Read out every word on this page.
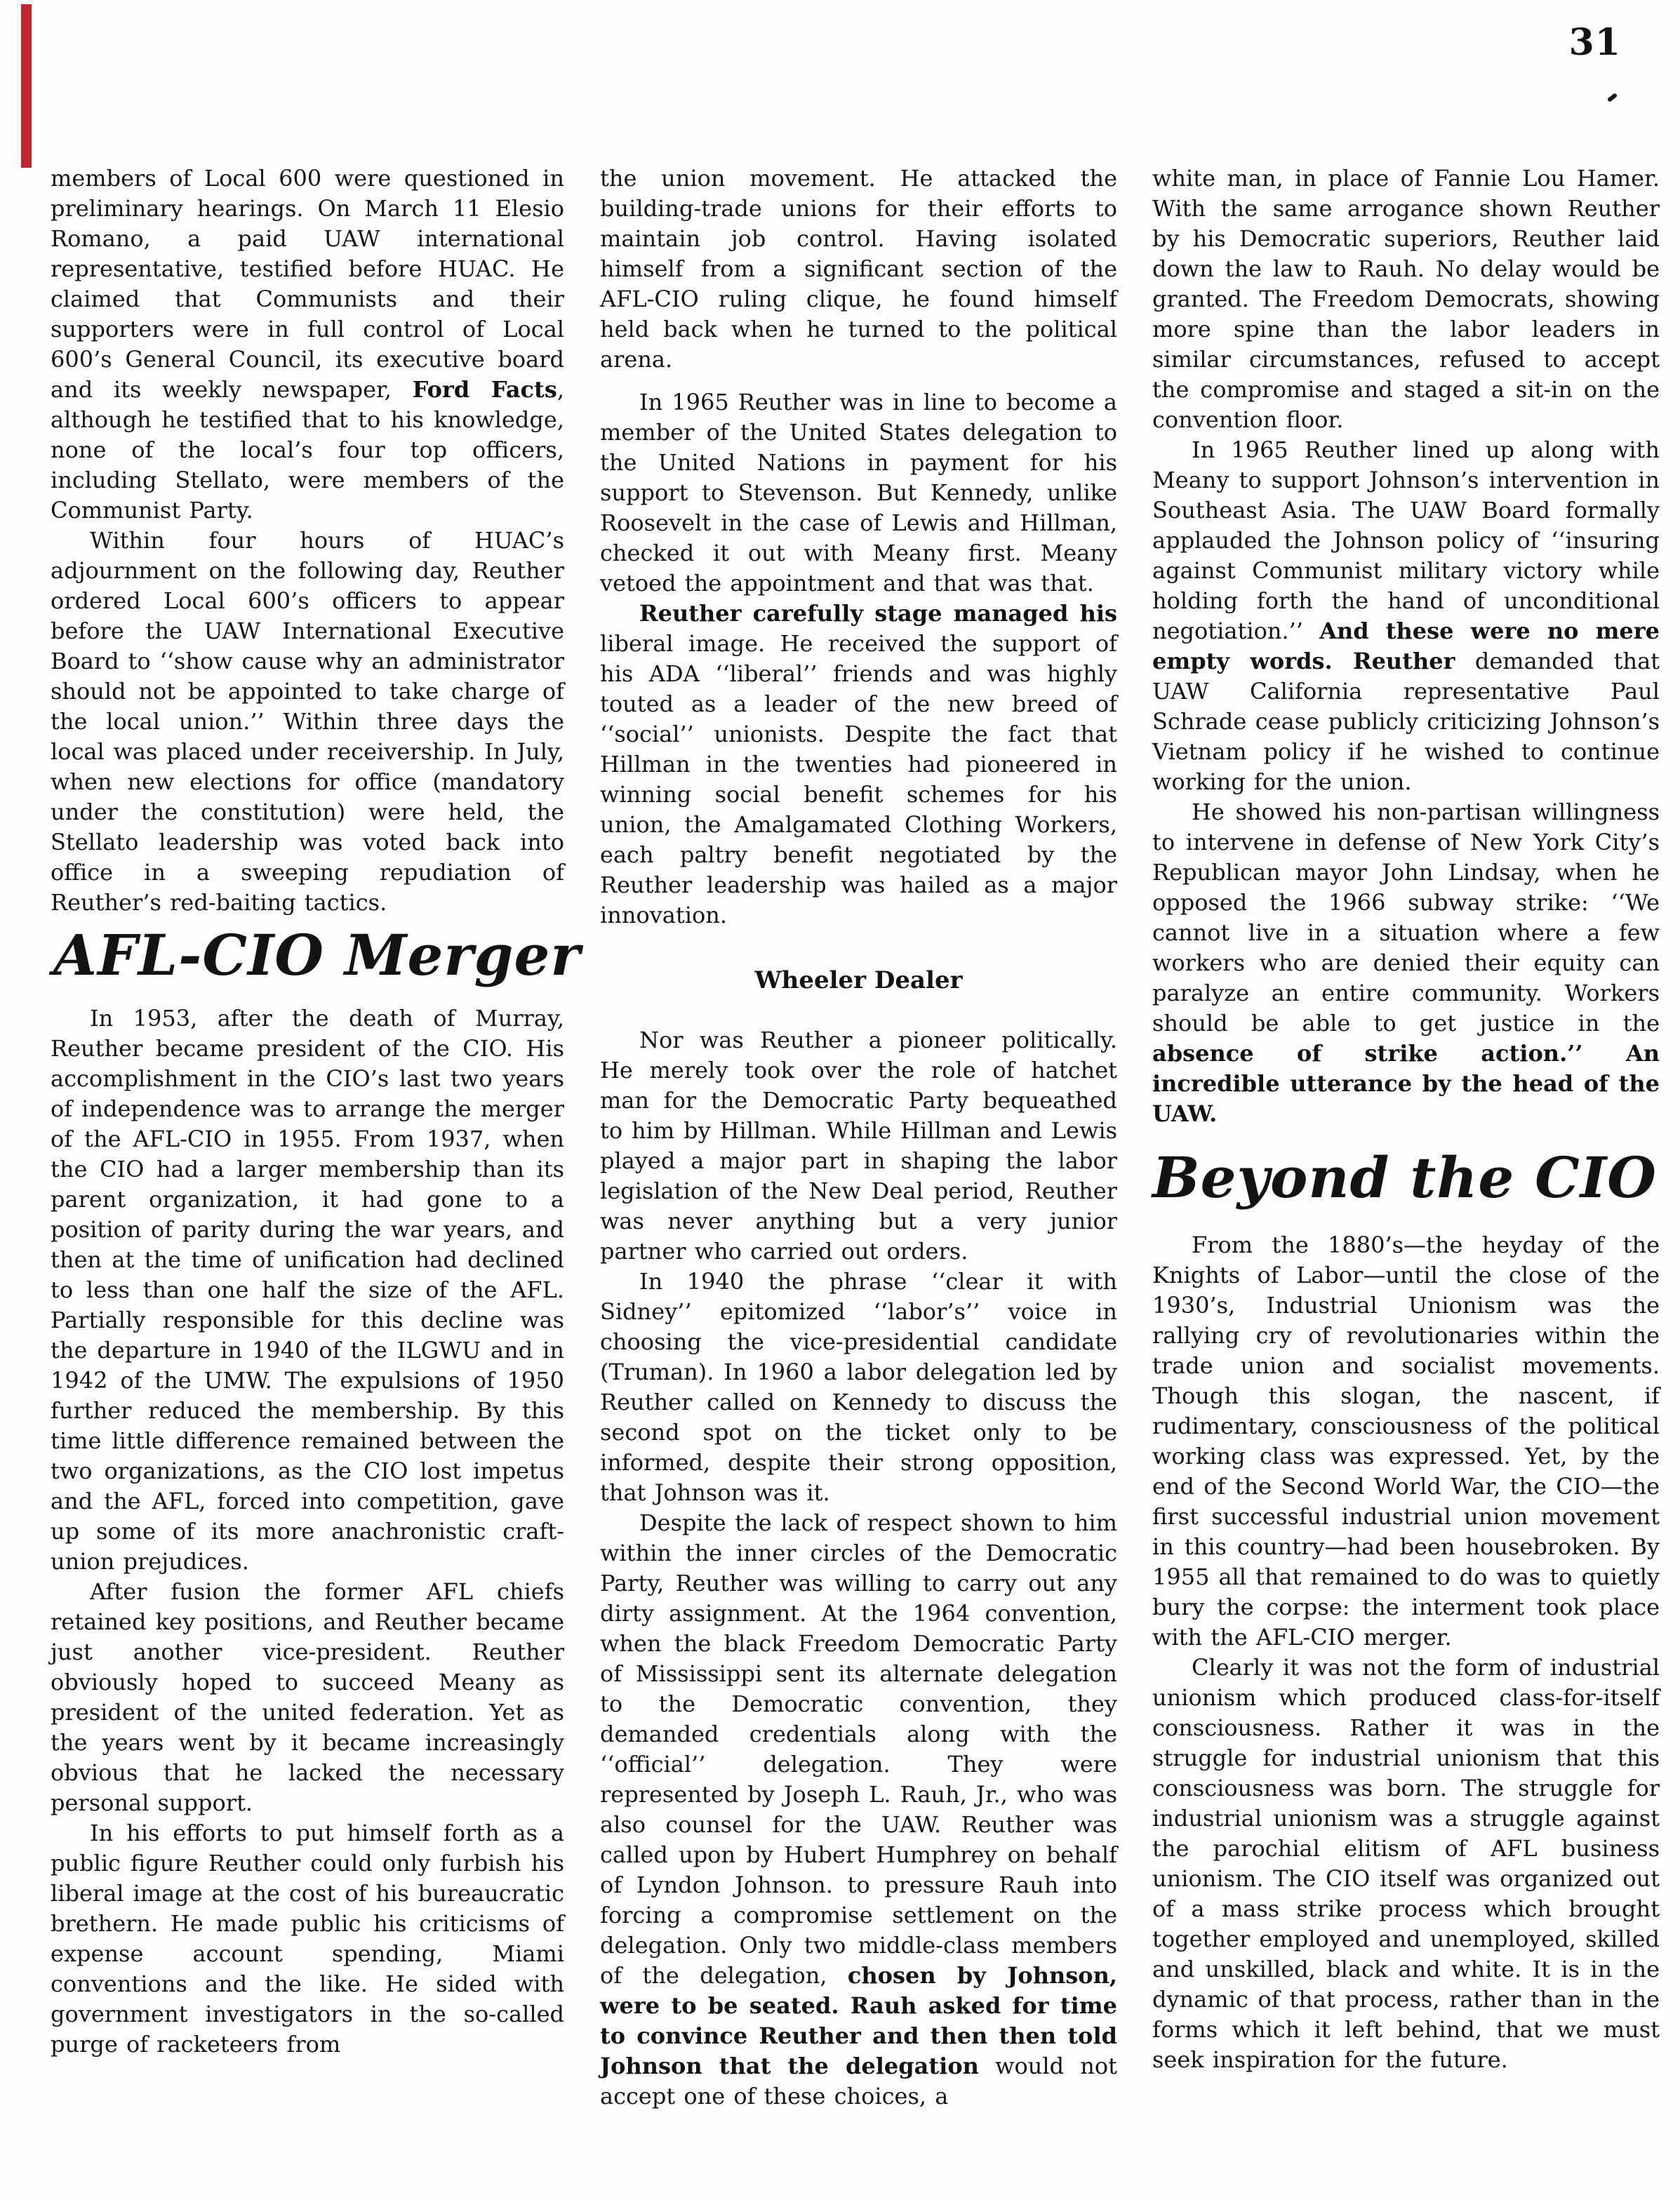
31

members of Local 600 were questioned in preliminary hearings. On March 11 Elesio Romano, a paid UAW international representative, testified before HUAC. He claimed that Communists and their supporters were in full control of Local 600’s General Council, its executive board and its weekly newspaper, Ford Facts, although he testified that to his knowledge, none of the local’s four top officers, including Stellato, were members of the Communist Party.

Within four hours of HUAC’s adjournment on the following day, Reuther ordered Local 600’s officers to appear before the UAW International Executive Board to ‘‘show cause why an administrator should not be appointed to take charge of the local union.’’ Within three days the local was placed under receivership. In July, when new elections for office (mandatory under the constitution) were held, the Stellato leadership was voted back into office in a sweeping repudiation of Reuther’s red-baiting tactics.

AFL-CIO Merger

In 1953, after the death of Murray, Reuther became president of the CIO. His accomplishment in the CIO’s last two years of independence was to arrange the merger of the AFL-CIO in 1955. From 1937, when the CIO had a larger membership than its parent organization, it had gone to a position of parity during the war years, and then at the time of unification had declined to less than one half the size of the AFL. Partially responsible for this decline was the departure in 1940 of the ILGWU and in 1942 of the UMW. The expulsions of 1950 further reduced the membership. By this time little difference remained between the two organizations, as the CIO lost impetus and the AFL, forced into competition, gave up some of its more anachronistic craft-union prejudices.

After fusion the former AFL chiefs retained key positions, and Reuther became just another vice-president. Reuther obviously hoped to succeed Meany as president of the united federation. Yet as the years went by it became increasingly obvious that he lacked the necessary personal support.

In his efforts to put himself forth as a public figure Reuther could only furbish his liberal image at the cost of his bureaucratic brethern. He made public his criticisms of expense account spending, Miami conventions and the like. He sided with government investigators in the so-called purge of racketeers from

the union movement. He attacked the building-trade unions for their efforts to maintain job control. Having isolated himself from a significant section of the AFL-CIO ruling clique, he found himself held back when he turned to the political arena.

In 1965 Reuther was in line to become a member of the United States delegation to the United Nations in payment for his support to Stevenson. But Kennedy, unlike Roosevelt in the case of Lewis and Hillman, checked it out with Meany first. Meany vetoed the appointment and that was that.

Reuther carefully stage managed his liberal image. He received the support of his ADA ‘‘liberal’’ friends and was highly touted as a leader of the new breed of ‘‘social’’ unionists. Despite the fact that Hillman in the twenties had pioneered in winning social benefit schemes for his union, the Amalgamated Clothing Workers, each paltry benefit negotiated by the Reuther leadership was hailed as a major innovation.

Wheeler Dealer

Nor was Reuther a pioneer politically. He merely took over the role of hatchet man for the Democratic Party bequeathed to him by Hillman. While Hillman and Lewis played a major part in shaping the labor legislation of the New Deal period, Reuther was never anything but a very junior partner who carried out orders.

In 1940 the phrase ‘‘clear it with Sidney’’ epitomized ‘‘labor’s’’ voice in choosing the vice-presidential candidate (Truman). In 1960 a labor delegation led by Reuther called on Kennedy to discuss the second spot on the ticket only to be informed, despite their strong opposition, that Johnson was it.

Despite the lack of respect shown to him within the inner circles of the Democratic Party, Reuther was willing to carry out any dirty assignment. At the 1964 convention, when the black Freedom Democratic Party of Mississippi sent its alternate delegation to the Democratic convention, they demanded credentials along with the ‘‘official’’ delegation. They were represented by Joseph L. Rauh, Jr., who was also counsel for the UAW. Reuther was called upon by Hubert Humphrey on behalf of Lyndon Johnson. to pressure Rauh into forcing a compromise settlement on the delegation. Only two middle-class members of the delegation, chosen by Johnson, were to be seated. Rauh asked for time to convince Reuther and then then told Johnson that the delegation would not accept one of these choices, a

white man, in place of Fannie Lou Hamer. With the same arrogance shown Reuther by his Democratic superiors, Reuther laid down the law to Rauh. No delay would be granted. The Freedom Democrats, showing more spine than the labor leaders in similar circumstances, refused to accept the compromise and staged a sit-in on the convention floor.

In 1965 Reuther lined up along with Meany to support Johnson’s intervention in Southeast Asia. The UAW Board formally applauded the Johnson policy of ‘‘insuring against Communist military victory while holding forth the hand of unconditional negotiation.’’ And these were no mere empty words. Reuther demanded that UAW California representative Paul Schrade cease publicly criticizing Johnson’s Vietnam policy if he wished to continue working for the union.

He showed his non-partisan willingness to intervene in defense of New York City’s Republican mayor John Lindsay, when he opposed the 1966 subway strike: ‘‘We cannot live in a situation where a few workers who are denied their equity can paralyze an entire community. Workers should be able to get justice in the absence of strike action.’’ An incredible utterance by the head of the UAW.

Beyond the CIO

From the 1880’s—the heyday of the Knights of Labor—until the close of the 1930’s, Industrial Unionism was the rallying cry of revolutionaries within the trade union and socialist movements. Though this slogan, the nascent, if rudimentary, consciousness of the political working class was expressed. Yet, by the end of the Second World War, the CIO—the first successful industrial union movement in this country—had been housebroken. By 1955 all that remained to do was to quietly bury the corpse: the interment took place with the AFL-CIO merger.

Clearly it was not the form of industrial unionism which produced class-for-itself consciousness. Rather it was in the struggle for industrial unionism that this consciousness was born. The struggle for industrial unionism was a struggle against the parochial elitism of AFL business unionism. The CIO itself was organized out of a mass strike process which brought together employed and unemployed, skilled and unskilled, black and white. It is in the dynamic of that process, rather than in the forms which it left behind, that we must seek inspiration for the future.
